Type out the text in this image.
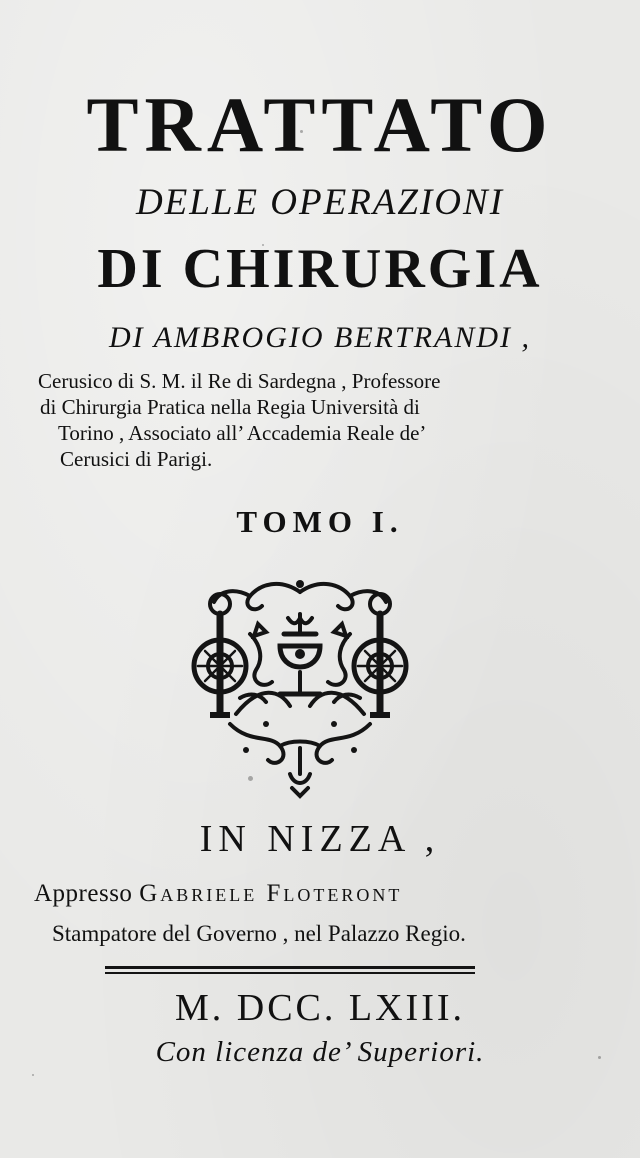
TRATTATO
DELLE OPERAZIONI
DI CHIRURGIA
DI AMBROGIO BERTRANDI ,
Cerusico di S. M. il Re di Sardegna , Professore
di Chirurgia Pratica nella Regia Università di
Torino , Associato all’ Accademia Reale de’
Cerusici di Parigi.
TOMO I.
IN NIZZA ,
Appresso Gabriele Floteront
Stampatore del Governo , nel Palazzo Regio.
M. DCC. LXIII.
Con licenza de’ Superiori.
